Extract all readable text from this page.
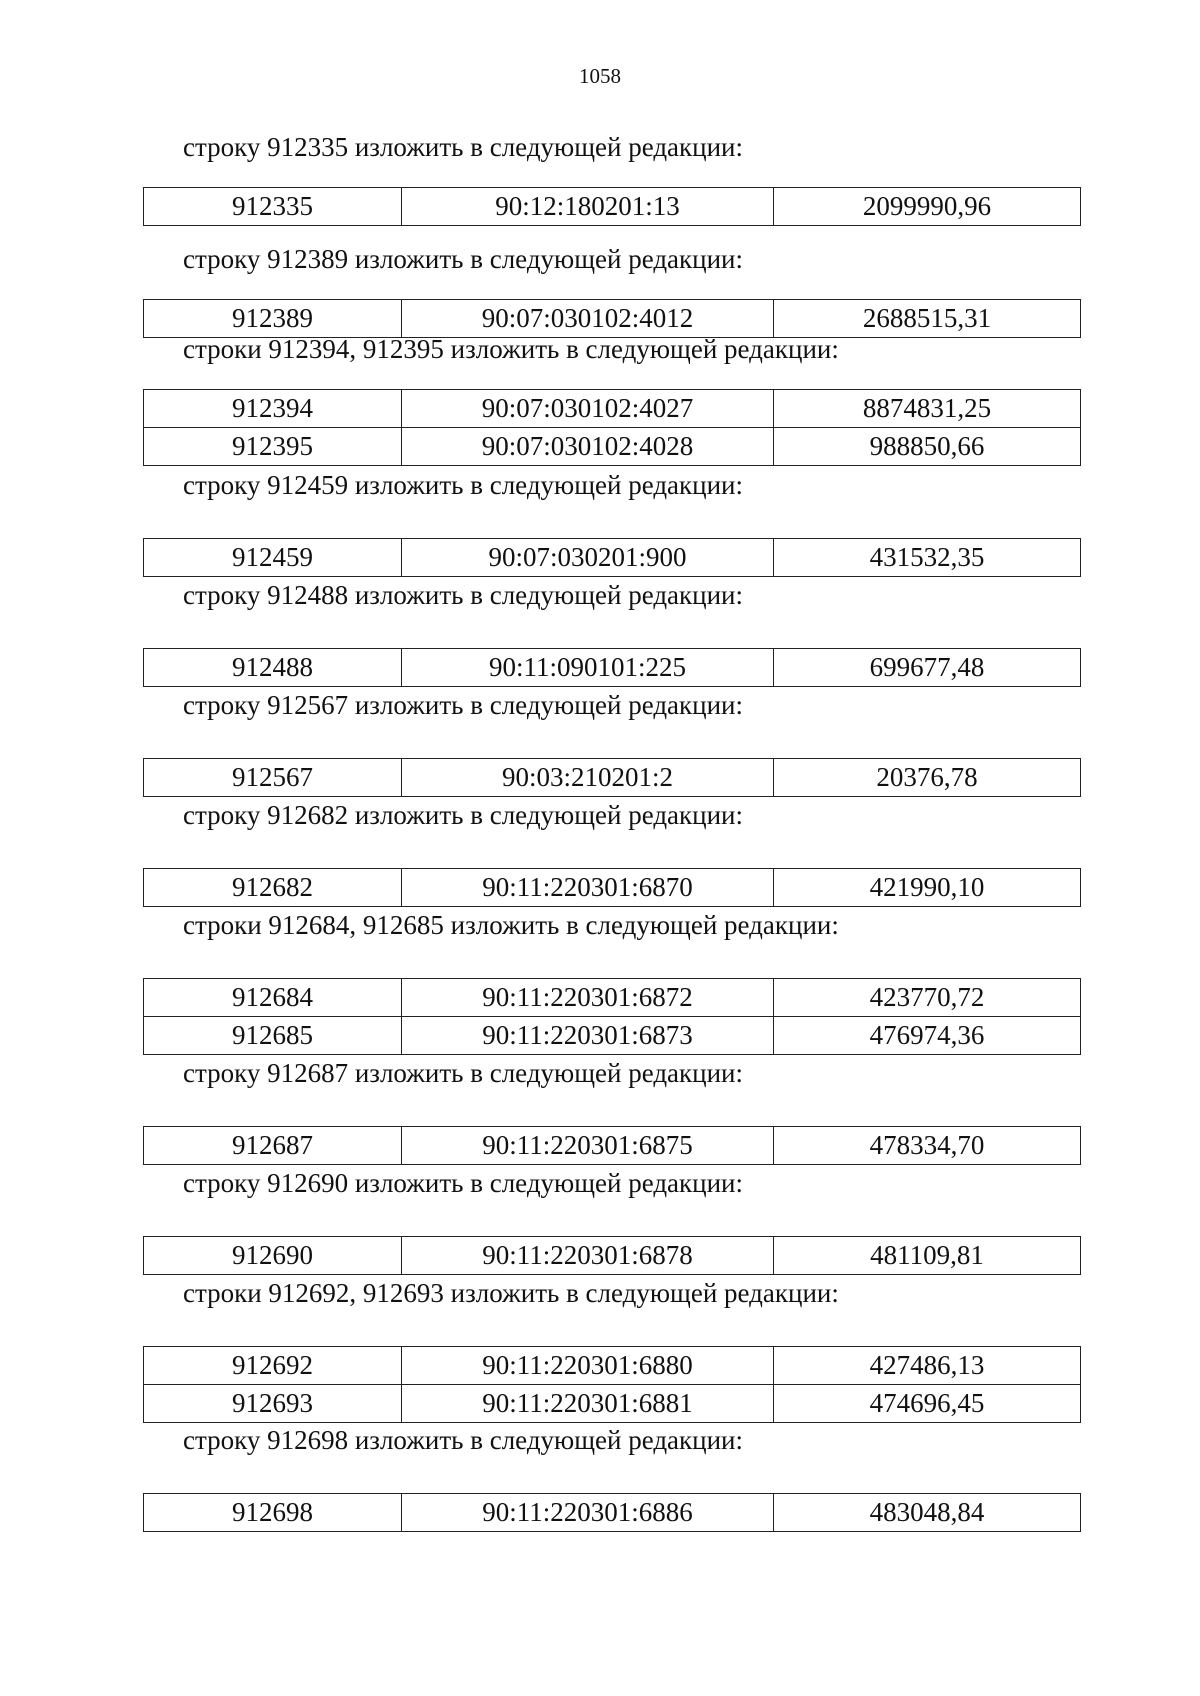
1058
строку 912335 изложить в следующей редакции:
912335	90:12:180201:13	2099990,96
строку 912389 изложить в следующей редакции:
912389	90:07:030102:4012	2688515,31
строки 912394, 912395 изложить в следующей редакции:
912394	90:07:030102:4027	8874831,25
912395	90:07:030102:4028	988850,66
строку 912459 изложить в следующей редакции:
912459	90:07:030201:900	431532,35
строку 912488 изложить в следующей редакции:
912488	90:11:090101:225	699677,48
строку 912567 изложить в следующей редакции:
912567	90:03:210201:2	20376,78
строку 912682 изложить в следующей редакции:
912682	90:11:220301:6870	421990,10
строки 912684, 912685 изложить в следующей редакции:
912684	90:11:220301:6872	423770,72
912685	90:11:220301:6873	476974,36
строку 912687 изложить в следующей редакции:
912687	90:11:220301:6875	478334,70
строку 912690 изложить в следующей редакции:
912690	90:11:220301:6878	481109,81
строки 912692, 912693 изложить в следующей редакции:
912692	90:11:220301:6880	427486,13
912693	90:11:220301:6881	474696,45
строку 912698 изложить в следующей редакции:
912698	90:11:220301:6886	483048,84
